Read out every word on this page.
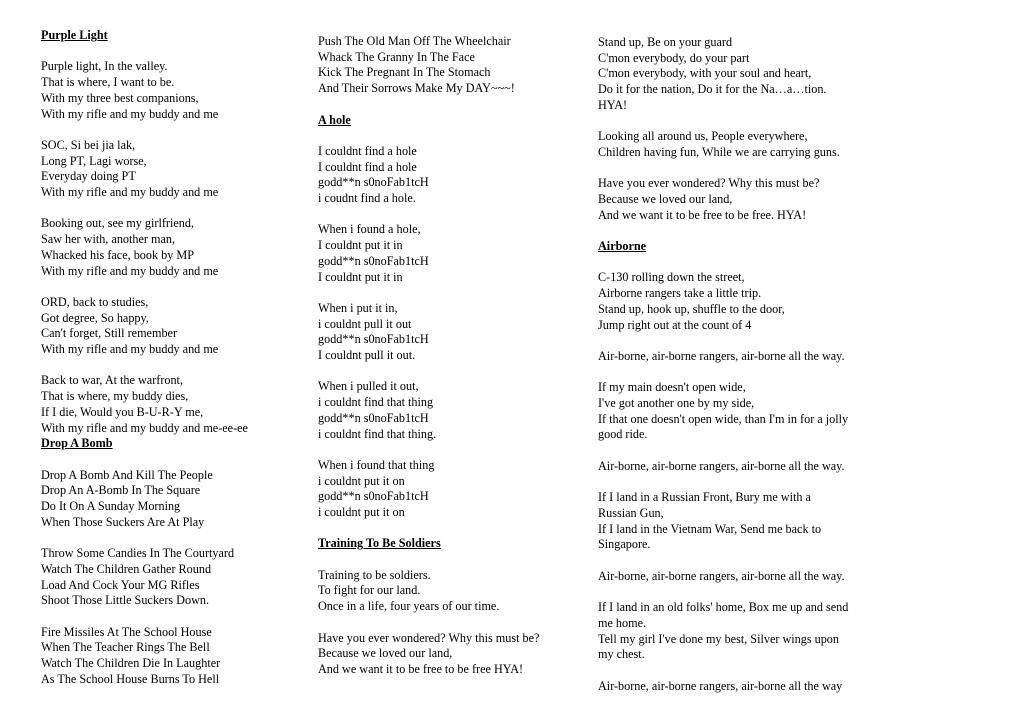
Purple Light
Purple light, In the valley.
That is where, I want to be.
With my three best companions,
With my rifle and my buddy and me
SOC, Si bei jia lak,
Long PT, Lagi worse,
Everyday doing PT
With my rifle and my buddy and me
Booking out, see my girlfriend,
Saw her with, another man,
Whacked his face, book by MP
With my rifle and my buddy and me
ORD, back to studies,
Got degree, So happy,
Can't forget, Still remember
With my rifle and my buddy and me
Back to war, At the warfront,
That is where, my buddy dies,
If I die, Would you B-U-R-Y me,
With my rifle and my buddy and me-ee-ee
Drop A Bomb
Drop A Bomb And Kill The People
Drop An A-Bomb In The Square
Do It On A Sunday Morning
When Those Suckers Are At Play
Throw Some Candies In The Courtyard
Watch The Children Gather Round
Load And Cock Your MG Rifles
Shoot Those Little Suckers Down.
Fire Missiles At The School House
When The Teacher Rings The Bell
Watch The Children Die In Laughter
As The School House Burns To Hell
Push The Old Man Off The Wheelchair
Whack The Granny In The Face
Kick The Pregnant In The Stomach
And Their Sorrows Make My DAY~~~!
A hole
I couldnt find a hole
I couldnt find a hole
godd**n s0noFab1tcH
i coudnt find a hole.
When i found a hole,
I couldnt put it in
godd**n s0noFab1tcH
I couldnt put it in
When i put it in,
i couldnt pull it out
godd**n s0noFab1tcH
I couldnt pull it out.
When i pulled it out,
i couldnt find that thing
godd**n s0noFab1tcH
i couldnt find that thing.
When i found that thing
i couldnt put it on
godd**n s0noFab1tcH
i couldnt put it on
Training To Be Soldiers
Training to be soldiers.
To fight for our land.
Once in a life, four years of our time.
Have you ever wondered? Why this must be?
Because we loved our land,
And we want it to be free to be free HYA!
Stand up, Be on your guard
C'mon everybody, do your part
C'mon everybody, with your soul and heart,
Do it for the nation, Do it for the Na…a…tion.
HYA!
Looking all around us, People everywhere,
Children having fun, While we are carrying guns.
Have you ever wondered? Why this must be?
Because we loved our land,
And we want it to be free to be free. HYA!
Airborne
C-130 rolling down the street,
Airborne rangers take a little trip.
Stand up, hook up, shuffle to the door,
Jump right out at the count of 4
Air-borne, air-borne rangers, air-borne all the way.
If my main doesn't open wide,
I've got another one by my side,
If that one doesn't open wide, than I'm in for a jolly
good ride.
Air-borne, air-borne rangers, air-borne all the way.
If I land in a Russian Front, Bury me with a
Russian Gun,
If I land in the Vietnam War, Send me back to
Singapore.
Air-borne, air-borne rangers, air-borne all the way.
If I land in an old folks' home, Box me up and send
me home.
Tell my girl I've done my best, Silver wings upon
my chest.
Air-borne, air-borne rangers, air-borne all the way
